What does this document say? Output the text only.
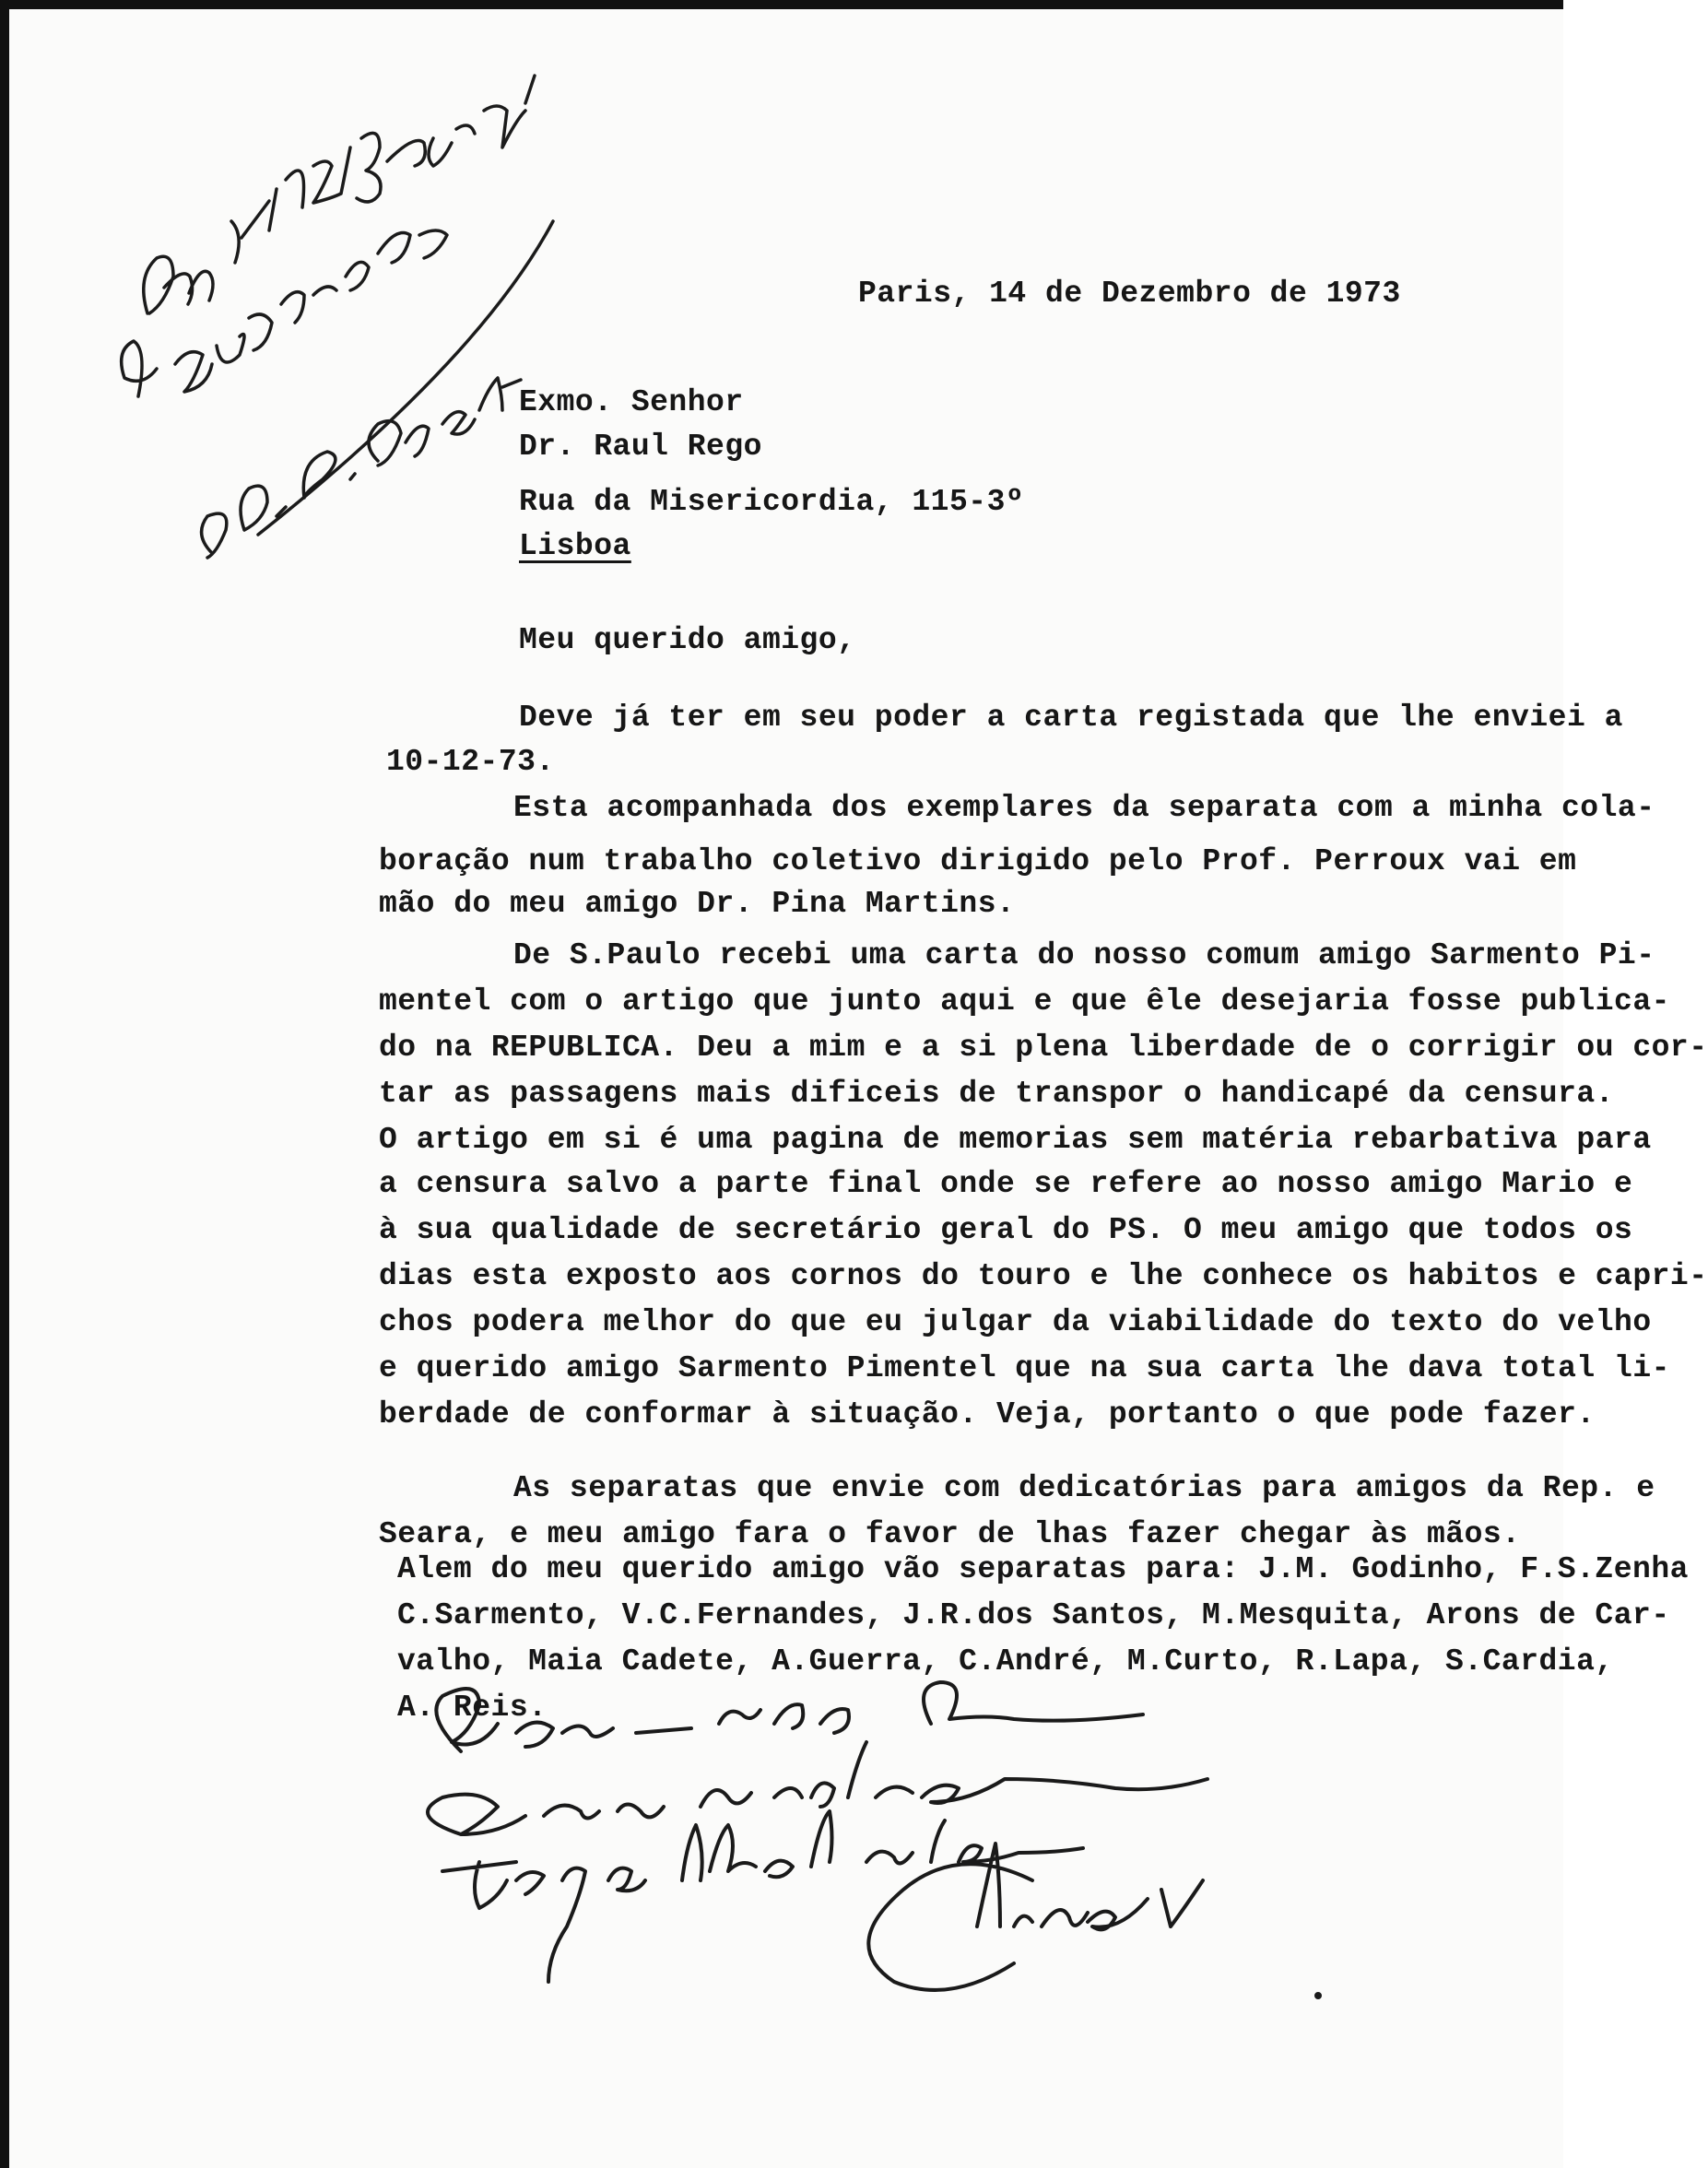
Paris, 14 de Dezembro de 1973
Exmo. Senhor
Dr. Raul Rego
Rua da Misericordia, 115-3º
Lisboa
Meu querido amigo,
Deve já ter em seu poder a carta registada que lhe enviei a
10-12-73.
Esta acompanhada dos exemplares da separata com a minha cola-
boração num trabalho coletivo dirigido pelo Prof. Perroux vai em
mão do meu amigo Dr. Pina Martins.
De S.Paulo recebi uma carta do nosso comum amigo Sarmento Pi-
mentel com o artigo que junto aqui e que êle desejaria fosse publica-
do na REPUBLICA. Deu a mim e a si plena liberdade de o corrigir ou cor-
tar as passagens mais dificeis de transpor o handicapé da censura.
O artigo em si é uma pagina de memorias sem matéria rebarbativa para
a censura salvo a parte final onde se refere ao nosso amigo Mario e
à sua qualidade de secretário geral do PS. O meu amigo que todos os
dias esta exposto aos cornos do touro e lhe conhece os habitos e capri-
chos podera melhor do que eu julgar da viabilidade do texto do velho
e querido amigo Sarmento Pimentel que na sua carta lhe dava total li-
berdade de conformar à situação. Veja, portanto o que pode fazer.
As separatas que envie com dedicatórias para amigos da Rep. e
Seara, e meu amigo fara o favor de lhas fazer chegar às mãos.
Alem do meu querido amigo vão separatas para: J.M. Godinho, F.S.Zenha
C.Sarmento, V.C.Fernandes, J.R.dos Santos, M.Mesquita, Arons de Car-
valho, Maia Cadete, A.Guerra, C.André, M.Curto, R.Lapa, S.Cardia,
A. Reis.
